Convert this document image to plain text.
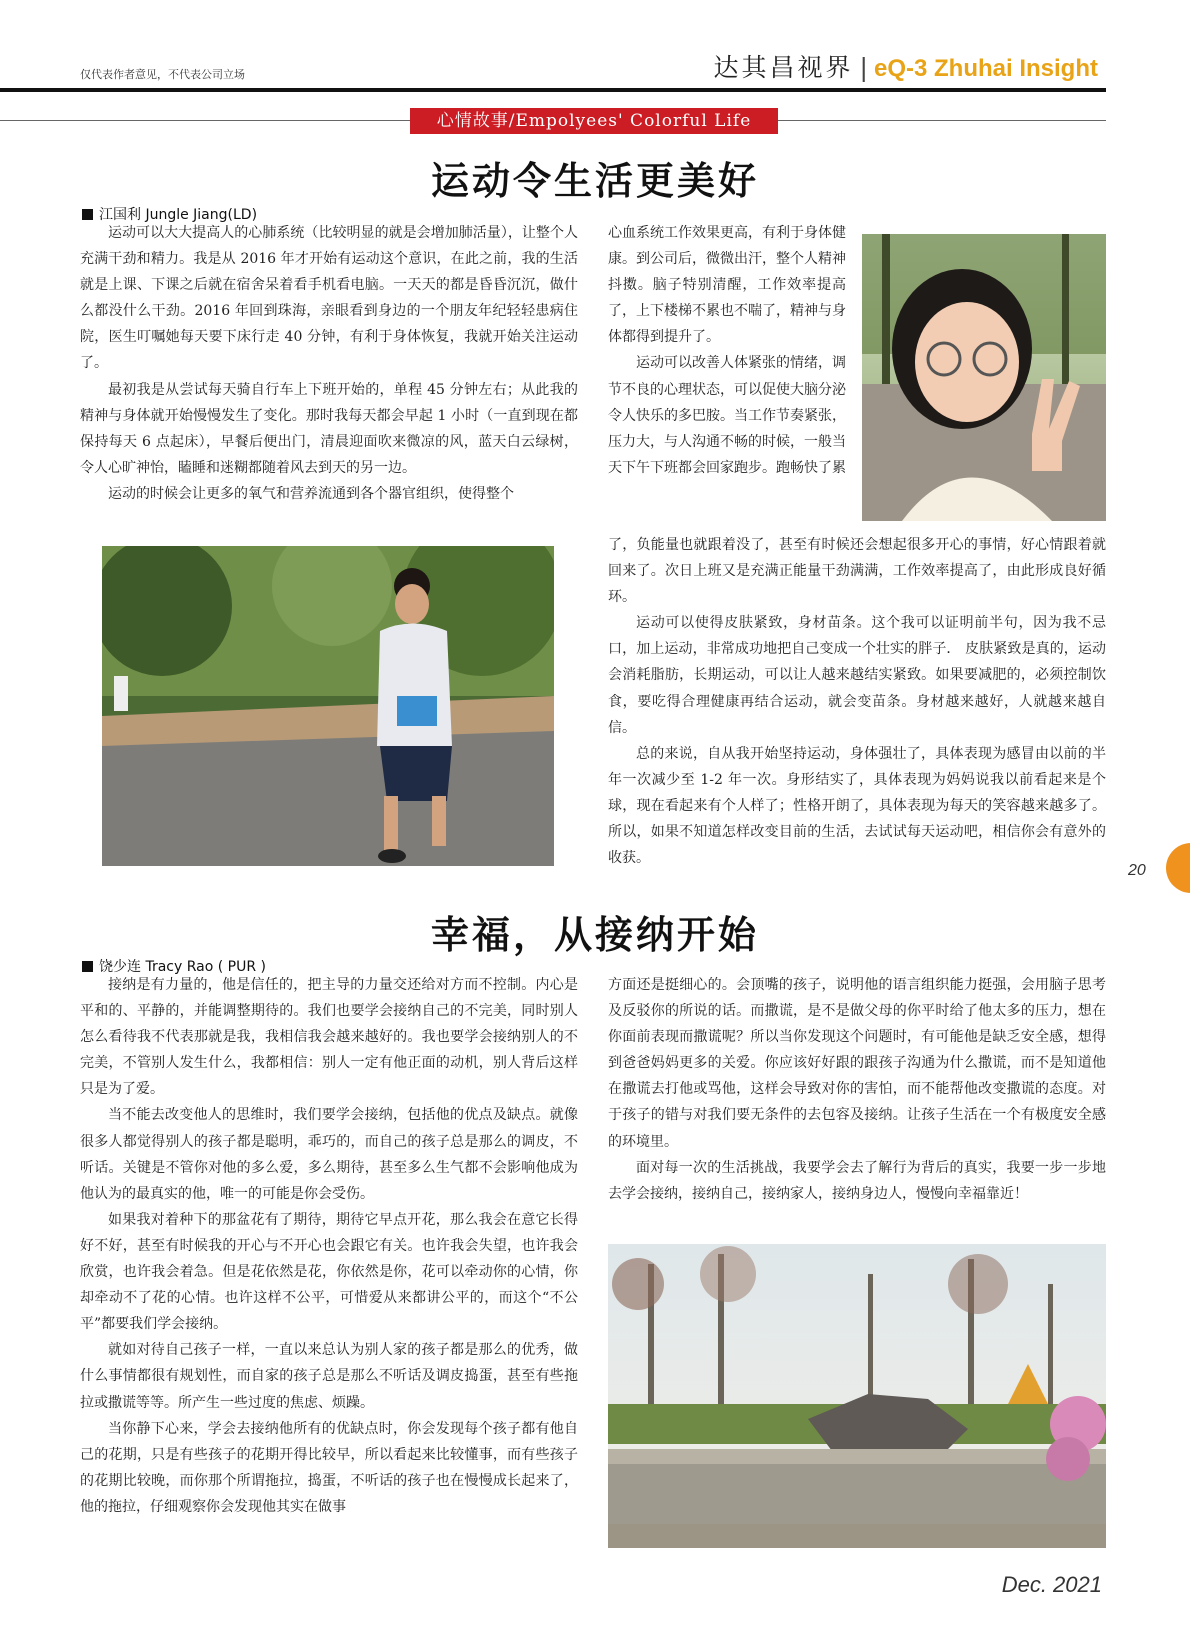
仅代表作者意见，不代表公司立场	达其昌视界 | eQ-3 Zhuhai Insight
心情故事/Empolyees' Colorful Life
运动令生活更美好
江国利 Jungle Jiang(LD)

运动可以大大提高人的心肺系统（比较明显的就是会增加肺活量），让整个人充满干劲和精力。我是从 2016 年才开始有运动这个意识，在此之前，我的生活就是上课、下课之后就在宿舍呆着看手机看电脑。一天天的都是昏昏沉沉，做什么都没什么干劲。2016 年回到珠海，亲眼看到身边的一个朋友年纪轻轻患病住院，医生叮嘱她每天要下床行走 40 分钟，有利于身体恢复，我就开始关注运动了。

最初我是从尝试每天骑自行车上下班开始的，单程 45 分钟左右；从此我的精神与身体就开始慢慢发生了变化。那时我每天都会早起 1 小时（一直到现在都保持每天 6 点起床），早餐后便出门，清晨迎面吹来微凉的风，蓝天白云绿树，令人心旷神怡，瞌睡和迷糊都随着风去到天的另一边。

运动的时候会让更多的氧气和营养流通到各个器官组织，使得整个

心血系统工作效果更高，有利于身体健康。到公司后，微微出汗，整个人精神抖擞。脑子特别清醒，工作效率提高了，上下楼梯不累也不喘了，精神与身体都得到提升了。

运动可以改善人体紧张的情绪，调节不良的心理状态，可以促使大脑分泌令人快乐的多巴胺。当工作节奏紧张，压力大，与人沟通不畅的时候，一般当天下午下班都会回家跑步。跑畅快了累

了，负能量也就跟着没了，甚至有时候还会想起很多开心的事情，好心情跟着就回来了。次日上班又是充满正能量干劲满满，工作效率提高了，由此形成良好循环。

运动可以使得皮肤紧致，身材苗条。这个我可以证明前半句，因为我不忌口，加上运动，非常成功地把自己变成一个壮实的胖子． 皮肤紧致是真的，运动会消耗脂肪，长期运动，可以让人越来越结实紧致。如果要减肥的，必须控制饮食，要吃得合理健康再结合运动，就会变苗条。身材越来越好，人就越来越自信。

总的来说，自从我开始坚持运动，身体强壮了，具体表现为感冒由以前的半年一次减少至 1-2 年一次。身形结实了，具体表现为妈妈说我以前看起来是个球，现在看起来有个人样了；性格开朗了，具体表现为每天的笑容越来越多了。所以，如果不知道怎样改变目前的生活，去试试每天运动吧，相信你会有意外的收获。

幸福，从接纳开始
饶少连 Tracy Rao ( PUR )

接纳是有力量的，他是信任的，把主导的力量交还给对方而不控制。内心是平和的、平静的，并能调整期待的。我们也要学会接纳自己的不完美，同时别人怎么看待我不代表那就是我，我相信我会越来越好的。我也要学会接纳别人的不完美，不管别人发生什么，我都相信：别人一定有他正面的动机，别人背后这样只是为了爱。

当不能去改变他人的思维时，我们要学会接纳，包括他的优点及缺点。就像很多人都觉得别人的孩子都是聪明，乖巧的，而自己的孩子总是那么的调皮，不听话。关键是不管你对他的多么爱，多么期待，甚至多么生气都不会影响他成为他认为的最真实的他，唯一的可能是你会受伤。

如果我对着种下的那盆花有了期待，期待它早点开花，那么我会在意它长得好不好，甚至有时候我的开心与不开心也会跟它有关。也许我会失望，也许我会欣赏，也许我会着急。但是花依然是花，你依然是你，花可以牵动你的心情，你却牵动不了花的心情。也许这样不公平，可惜爱从来都讲公平的，而这个“不公平”都要我们学会接纳。

就如对待自己孩子一样，一直以来总认为别人家的孩子都是那么的优秀，做什么事情都很有规划性，而自家的孩子总是那么不听话及调皮捣蛋，甚至有些拖拉或撒谎等等。所产生一些过度的焦虑、烦躁。

当你静下心来，学会去接纳他所有的优缺点时，你会发现每个孩子都有他自己的花期，只是有些孩子的花期开得比较早，所以看起来比较懂事，而有些孩子的花期比较晚，而你那个所谓拖拉，捣蛋，不听话的孩子也在慢慢成长起来了，他的拖拉，仔细观察你会发现他其实在做事

方面还是挺细心的。会顶嘴的孩子，说明他的语言组织能力挺强，会用脑子思考及反驳你的所说的话。而撒谎，是不是做父母的你平时给了他太多的压力，想在你面前表现而撒谎呢？所以当你发现这个问题时，有可能他是缺乏安全感，想得到爸爸妈妈更多的关爱。你应该好好跟的跟孩子沟通为什么撒谎，而不是知道他在撒谎去打他或骂他，这样会导致对你的害怕，而不能帮他改变撒谎的态度。对于孩子的错与对我们要无条件的去包容及接纳。让孩子生活在一个有极度安全感的环境里。

面对每一次的生活挑战，我要学会去了解行为背后的真实，我要一步一步地去学会接纳，接纳自己，接纳家人，接纳身边人，慢慢向幸福靠近！

20
Dec. 2021
